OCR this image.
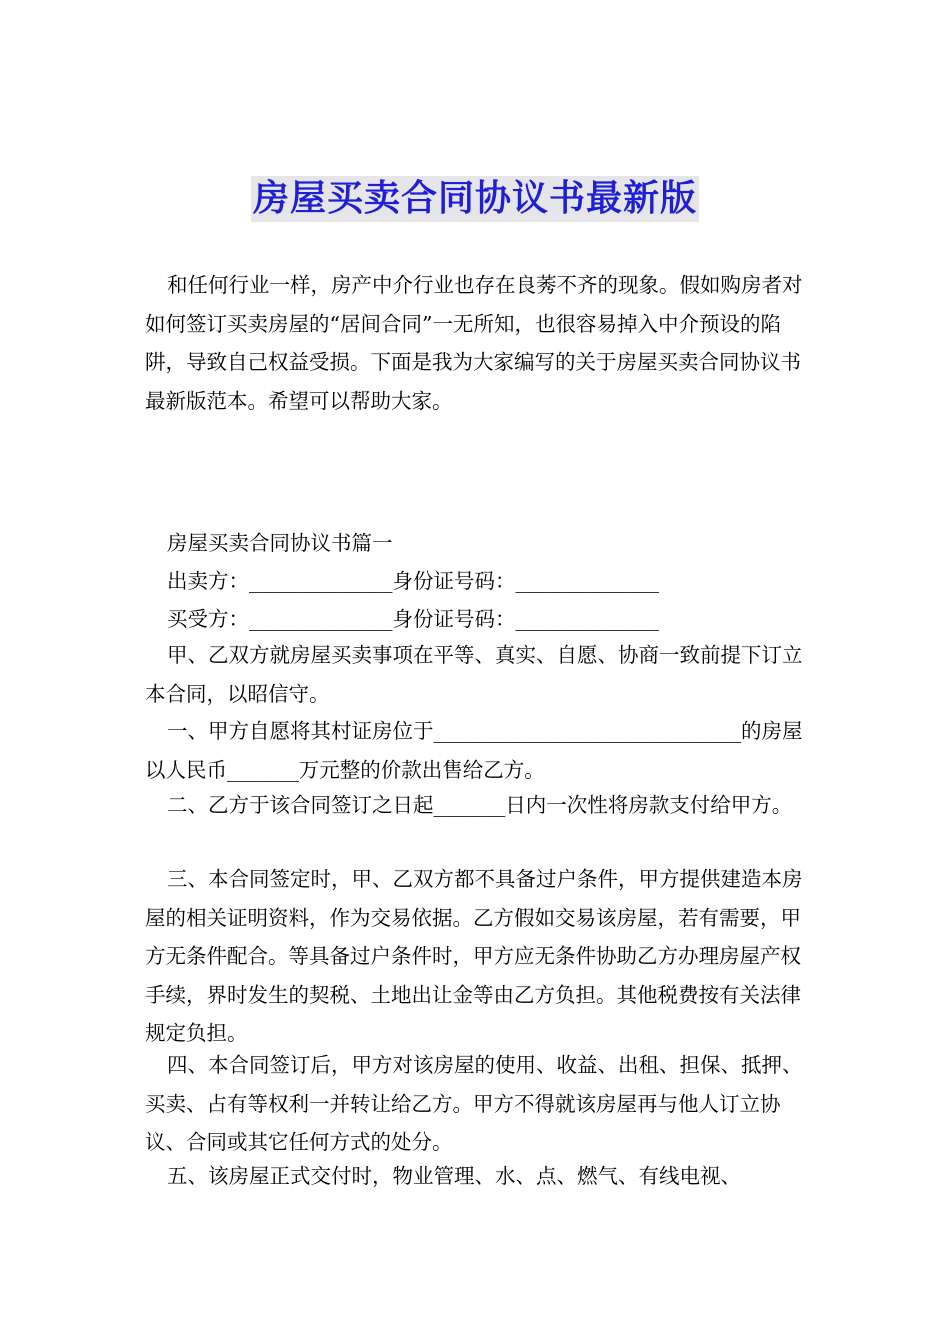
房屋买卖合同协议书最新版

和任何行业一样，房产中介行业也存在良莠不齐的现象。假如购房者对如何签订买卖房屋的“居间合同”一无所知，也很容易掉入中介预设的陷阱，导致自己权益受损。下面是我为大家编写的关于房屋买卖合同协议书最新版范本。希望可以帮助大家。

房屋买卖合同协议书篇一

出卖方：______________身份证号码：______________

买受方：______________身份证号码：______________

甲、乙双方就房屋买卖事项在平等、真实、自愿、协商一致前提下订立本合同，以昭信守。

一、甲方自愿将其村证房位于______________________________的房屋以人民币_______万元整的价款出售给乙方。

二、乙方于该合同签订之日起_______日内一次性将房款支付给甲方。

三、本合同签定时，甲、乙双方都不具备过户条件，甲方提供建造本房屋的相关证明资料，作为交易依据。乙方假如交易该房屋，若有需要，甲方无条件配合。等具备过户条件时，甲方应无条件协助乙方办理房屋产权手续，界时发生的契税、土地出让金等由乙方负担。其他税费按有关法律规定负担。

四、本合同签订后，甲方对该房屋的使用、收益、出租、担保、抵押、买卖、占有等权利一并转让给乙方。甲方不得就该房屋再与他人订立协议、合同或其它任何方式的处分。

五、该房屋正式交付时，物业管理、水、点、燃气、有线电视、
